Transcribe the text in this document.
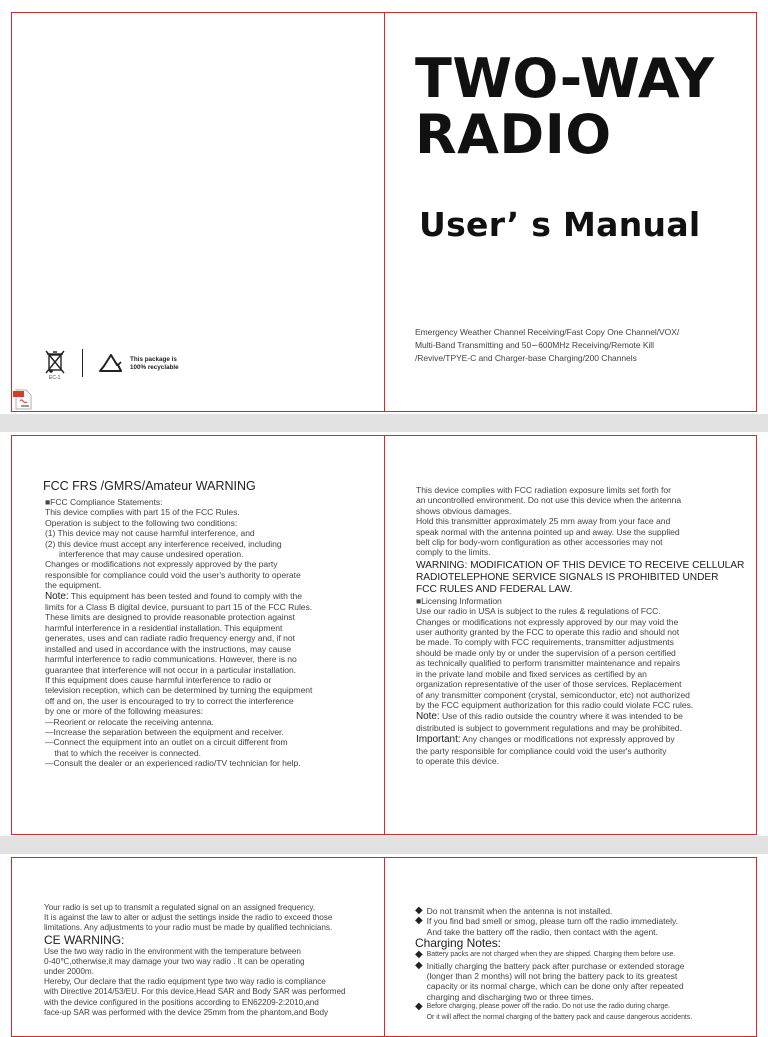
EC-1
This package is
100% recyclable
TWO-WAY
RADIO
User’ s Manual
Emergency Weather Channel Receiving/Fast Copy One Channel/VOX/
Multi-Band Transmitting and 50∽600MHz Receiving/Remote Kill
/Revive/TPYE-C and Charger-base Charging/200 Channels
FCC FRS /GMRS/Amateur WARNING

■FCC Compliance Statements:

This device complies with part 15 of the FCC Rules.

Operation is subject to the following two conditions:

(1) This device may not cause harmful interference, and

(2) this device must accept any interference received, including

interference that may cause undesired operation.

Changes or modifications not expressly approved by the party

responsible for compliance could void the user's authority to operate

the equipment.

Note: This equipment has been tested and found to comply with the

limits for a Class B digital device, pursuant to part 15 of the FCC Rules.

These limits are designed to provide reasonable protection against

harmful interference in a residential installation. This equipment

generates, uses and can radiate radio frequency energy and, if not

installed and used in accordance with the instructions, may cause

harmful interference to radio communications. However, there is no

guarantee that interference will not occur in a particular installation.

If this equipment does cause harmful interference to radio or

television reception, which can be determined by turning the equipment

off and on, the user is encouraged to try to correct the interference

by one or more of the following measures:

—Reorient or relocate the receiving antenna.

—Increase the separation between the equipment and receiver.

—Connect the equipment into an outlet on a circuit different from

that to which the receiver is connected.

—Consult the dealer or an experienced radio/TV technician for help.

This device complies with FCC radiation exposure limits set forth for

an uncontrolled environment. Do not use this device when the antenna

shows obvious damages.

Hold this transmitter approximately 25 mm away from your face and

speak normal with the antenna pointed up and away. Use the supplied

belt clip for body-worn configuration as other accessories may not

comply to the limits.

WARNING: MODIFICATION OF THIS DEVICE TO RECEIVE CELLULAR
RADIOTELEPHONE SERVICE SIGNALS IS PROHIBITED UNDER
FCC RULES AND FEDERAL LAW.

■Licensing Information

Use our radio in USA is subject to the rules & regulations of FCC.

Changes or modifications not expressly approved by our may void the

user authority granted by the FCC to operate this radio and should not

be made. To comply with FCC requirements, transmitter adjustments

should be made only by or under the supervision of a person certified

as technically qualified to perform transmitter maintenance and repairs

in the private land mobile and fixed services as certified by an

organization representative of the user of those services. Replacement

of any transmitter component (crystal, semiconductor, etc) not authorized

by the FCC equipment authorization for this radio could violate FCC rules.

Note: Use of this radio outside the country where it was intended to be

distributed is subject to government regulations and may be prohibited.

Important: Any changes or modifications not expressly approved by

the party responsible for compliance could void the user's authority

to operate this device.

Your radio is set up to transmit a regulated signal on an assigned frequency.

It is against the law to alter or adjust the settings inside the radio to exceed those

limitations. Any adjustments to your radio must be made by qualified technicians.

CE WARNING:

Use the two way radio in the environment with the temperature between

0-40℃,otherwise,it may damage your two way radio . It can be operating

under 2000m.

Hereby, Our declare that the radio equipment type two way radio is compliance

with Directive 2014/53/EU. For this device,Head SAR and Body SAR was performed

with the device configured in the positions according to EN62209-2:2010,and

face-up SAR was performed with the device 25mm from the phantom,and Body

◆ Do not transmit when the antenna is not installed.

◆ If you find bad smell or smog, please turn off the radio immediately.

And take the battery off the radio, then contact with the agent.

Charging Notes:
◆ Battery packs are not charged when they are shipped. Charging them before use.

◆ Initially charging the battery pack after purchase or extended storage

(longer than 2 months) will not bring the battery pack to its greatest

capacity or its normal charge, which can be done only after repeated

charging and discharging two or three times.

◆ Before charging, please power off the radio. Do not use the radio during charge.

Or it will affect the normal charging of the battery pack and cause dangerous accidents.
